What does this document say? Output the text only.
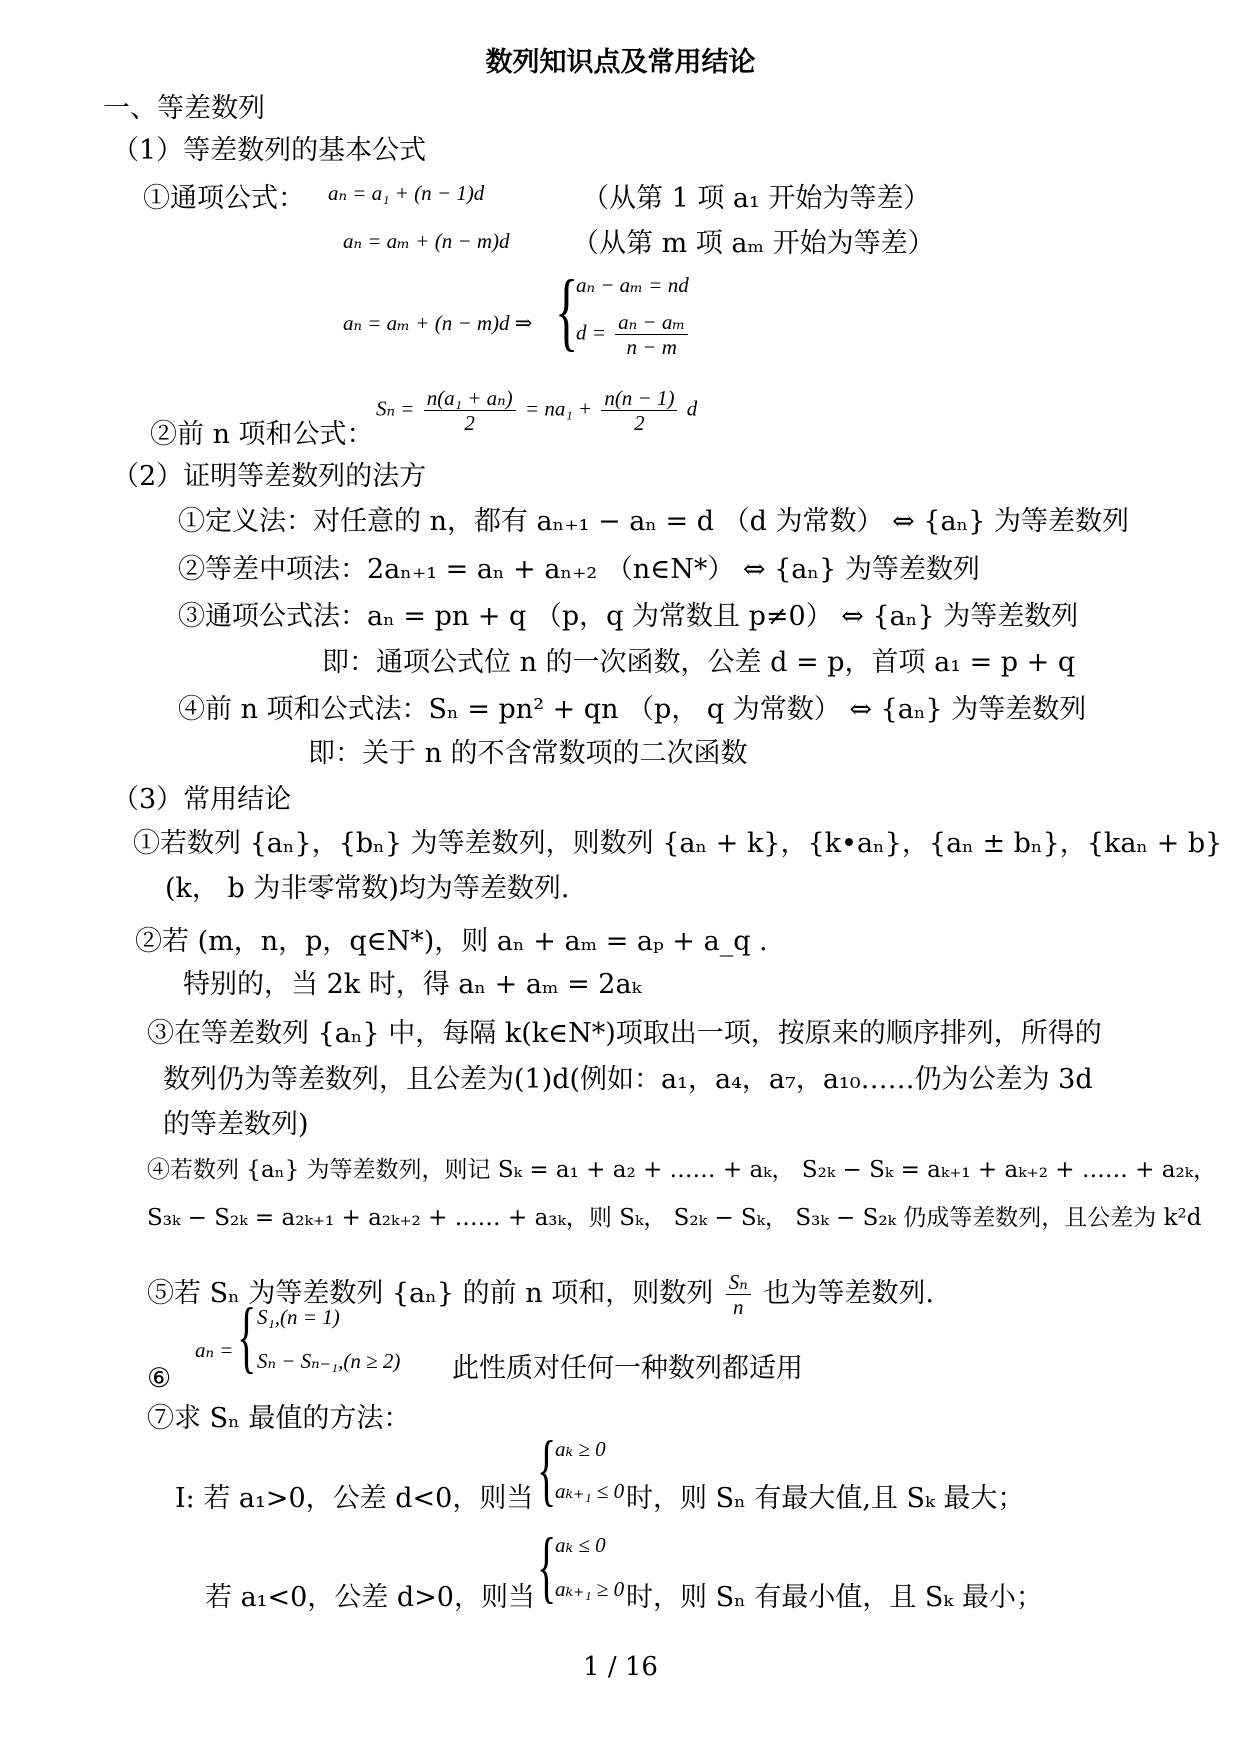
数列知识点及常用结论
一、等差数列
（1）等差数列的基本公式
①通项公式： aₙ = a₁ + (n − 1)d	（从第 1 项 a₁ 开始为等差）
aₙ = aₘ + (n − m)d （从第 m 项 aₘ 开始为等差）
aₙ = aₘ + (n − m)d ⇒ {
aₙ − aₘ = nd
$d = \frac{\text{aₙ − aₘ}}{n - m}$
②前 n 项和公式：
$S_n = \frac{\text{n(a₁ + aₙ)}}{2} = na_1 + \frac{n(n - 1)}{2}$ d
（2）证明等差数列的法方
①定义法：对任意的 n，都有 aₙ₊₁ − aₙ = d （d 为常数） ⇔ {aₙ} 为等差数列
②等差中项法：2aₙ₊₁ = aₙ + aₙ₊₂ （n∈N*） ⇔ {aₙ} 为等差数列
③通项公式法：aₙ = pn + q （p，q 为常数且 p≠0） ⇔ {aₙ} 为等差数列
即：通项公式位 n 的一次函数，公差 d = p，首项 a₁ = p + q
④前 n 项和公式法：Sₙ = pn² + qn （p， q 为常数） ⇔ {aₙ} 为等差数列
即：关于 n 的不含常数项的二次函数
（3）常用结论
①若数列 {aₙ}，{bₙ} 为等差数列，则数列 {aₙ + k}，{k•aₙ}，{aₙ ± bₙ}，{kaₙ + b}
(k， b 为非零常数)均为等差数列.
②若 (m，n，p，q∈N*)，则 aₙ + aₘ = aₚ + a_q .
特别的，当 2k 时，得 aₙ + aₘ = 2aₖ
③在等差数列 {aₙ} 中，每隔 k(k∈N*)项取出一项，按原来的顺序排列，所得的
数列仍为等差数列，且公差为(1)d(例如：a₁，a₄，a₇，a₁₀……仍为公差为 3d
的等差数列)
④若数列 {aₙ} 为等差数列，则记 Sₖ = a₁ + a₂ + …… + aₖ， S₂ₖ − Sₖ = aₖ₊₁ + aₖ₊₂ + …… + a₂ₖ，
S₃ₖ − S₂ₖ = a₂ₖ₊₁ + a₂ₖ₊₂ + …… + a₃ₖ，则 Sₖ， S₂ₖ − Sₖ， S₃ₖ − S₂ₖ 仍成等差数列，且公差为 k²d
⑤若 Sₙ 为等差数列 {aₙ} 的前 n 项和，则数列 $\frac{\text{Sₙ}}{n}$ 也为等差数列.
⑥
aₙ = { S₁,(n = 1)
Sₙ − Sₙ₋₁,(n ≥ 2) 此性质对任何一种数列都适用
⑦求 Sₙ 最值的方法：
I: 若 a₁>0，公差 d<0，则当 {
aₖ ≥ 0
aₖ₊₁ ≤ 0 时，则 Sₙ 有最大值,且 Sₖ 最大；
若 a₁<0，公差 d>0，则当 {
aₖ ≤ 0
aₖ₊₁ ≥ 0 时，则 Sₙ 有最小值，且 Sₖ 最小；
1 / 16
